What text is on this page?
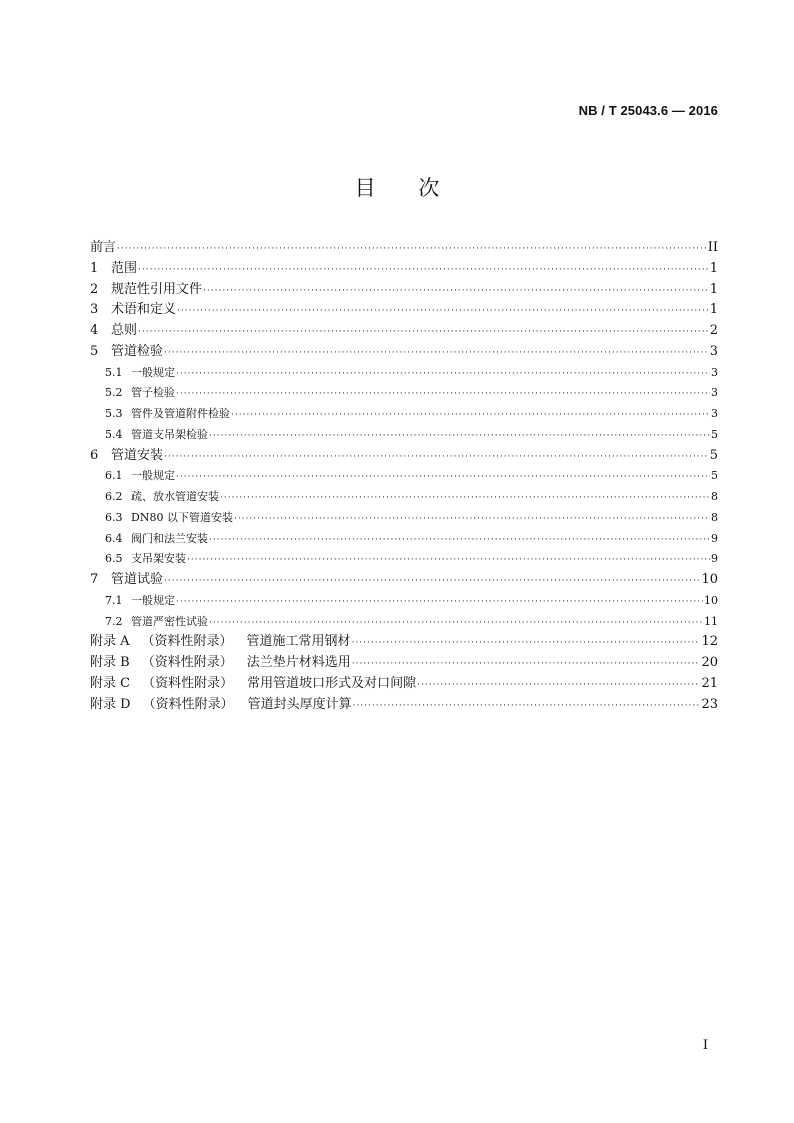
NB / T 25043.6 — 2016
目 次
前言 ·····	II
1 范围 ·····	1
2 规范性引用文件 ·····	1
3 术语和定义 ·····	1
4 总则 ·····	2
5 管道检验 ·····	3
5.1 一般规定 ·····	3
5.2 管子检验 ·····	3
5.3 管件及管道附件检验 ·····	3
5.4 管道支吊架检验 ·····	5
6 管道安装 ·····	5
6.1 一般规定 ·····	5
6.2 疏、放水管道安装 ·····	8
6.3 DN80 以下管道安装 ·····	8
6.4 阀门和法兰安装 ·····	9
6.5 支吊架安装 ·····	9
7 管道试验 ·····	10
7.1 一般规定 ·····	10
7.2 管道严密性试验 ·····	11
附录 A （资料性附录） 管道施工常用钢材 ·····	12
附录 B （资料性附录） 法兰垫片材料选用 ·····	20
附录 C （资料性附录） 常用管道坡口形式及对口间隙 ·····	21
附录 D （资料性附录） 管道封头厚度计算 ·····	23
I
